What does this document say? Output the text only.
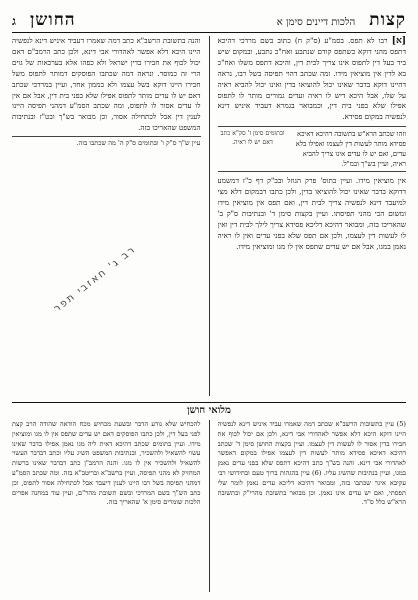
קצות
הלכות דיינים סימן א
החושן
ג
[א] רבו לא תפס. בסמ"ע (ס"ק ח) כתוב בשם מרדכי דהיכא דתפס מהני דוקא כשתפס קודם שנתבע ואח"כ נתבע, ובמקום שיש ביד בעל דין לתפוס אינו צריך לבית דין, והיכא דתפס משלו ואח"כ בא לדין אין מוציאין מידו. ומה שכתב דהוי תפיסה בשל רבו, נראה דהיינו דוקא בדבר שאינו יכול להוציאו בדין ואינו יכול להביא ראיה על שלו, אבל היכא דיש לו ראיה ועדים גמורים מותר לו לתפוס אפילו שלא בפני בית דין, וכמבואר בגמרא דעביד איניש דינא לנפשיה במקום פסידא.
וזהו שכתב הרא"ש בתשובה דהיכא דאיכא פסידא מותר לעשות דין לעצמו ואפילו בלא עדים, ואם יש לו עדים אינו צריך להביא ראיה, ועיין בש"ך ובמ"ל.
ובתומים סימן ז' סק"א כתב דאם יש לו ראיה.
אין מוציאין מידו. ועיין בתוס' פרק הגוזל ובב"ק דף כ"ז דמשמע דדוקא בדבר שאינו יכול להוציאו בדין, ולכן כתבו דבמקום דלא מצי למיעבד דינא לנפשיה צריך לבית דין, ואם תפס אין מוציאין מידו ומשום הכי מהני תפיסתו. ועיין בקצות סימן ד' ובנתיבות ס"ק ב' שהאריכו בזה, ומבואר דהיכא דליכא פסידא צריך לילך לבית דין ואין לו לעשות דין לעצמו, ולכן אם תפס שלא בפני עדים ואין לו ראיה נאמן במגו, אבל אם יש עדים שתפס אין לו מגו ומוציאין מידו.
והנה בתשובת הרשב"א כתב דמה שאמרו דעביד איניש דינא לנפשיה היינו היכא דלא אפשר לאהדורי אבי דינא, ולכן כתב הרמב"ם דאם יכול לכוף את חבירו בדין ישראל ולא כפהו אלא בערכאות של גוים הרי זה כמוסר. ונראה דמה שכתבו הפוסקים דמותר לתפוס משל חבירו היינו דוקא בשל עצמו ולא בממון אחר, ועיין במרדכי שכתב דאם יש לו עדים מותר לתפוס אפילו שלא בפני בית דין, אבל אם אין לו עדים אסור לו לתפוס, ומה שכתב הסמ"ע דמהני תפיסה היינו לענין דין אבל לכתחילה אסור, וכן מבואר בש"ך ובט"ז ובנתיבות המשפט שהאריכו בזה.
עיין ש"ך ס"ק ו' ובתומים ס"ק ה' מה שכתבו בזה.
רב ג' חאזבי תפר
מלואי חושן
(5) עיין בתשובות הרשב"א שכתב דמה שאמרו עביד איניש דינא לנפשיה היינו דוקא היכא דלא אפשר לאהדורי אבי דינא, ולכן אם יכול לכוף את חבירו בדין אסור לו לעשות דין לעצמו. ועיין בקצות החושן סימן ד' שכתב דהיכא דאיכא פסידא מותר לעשות דין לעצמו אפילו במקום דאפשר לאהדורי אבי דינא. והנה בש"ך כתב דהיכא דתפס שלא בפני עדים נאמן במגו, ועיין בנתיבות שהשיג עליו. (6) עיין בהגהות ברוך טעם ובחידושי רבי עקיבא איגר שכתבו בזה, ומבואר דהיכא דליכא עדים נאמן לומר שלי תפסתי, ואם יש עדים אינו נאמן. וכן מבואר בתשובת מהרי"ק ובתשובת הרא"ש כלל ס"ד.
להכחיש שלא נודע הדבר ובשעת מכחיש מכח הודאה שהודה הרב קצת לפני בעל דין, ולכן כתבו הפוסקים דאם יש עדים שתפס אין לו מגו ומוציאין מידו. ועיין בתומים שכתב דהיכא דאית ליה מגו נאמן אפילו בדבר שאינו עשוי להשאיל ולהשכיר, ובנתיבות המשפט השיג עליו וכתב דבדבר העשוי להשאיל ולהשכיר אין לו מגו. והנה הרמב"ן כתב דבדבר שאינו ברשות המחזיק לא מהני תפיסה, ועיין ברשב"א ובריטב"א בזה. ומה שכתב הסמ"ע דמהני תפיסה בשל רבו היינו לענין דיעבד אבל לכתחילה אסור לתפוס, וכן כתב הש"ך בשם המרדכי ובשם תשובת מהר"ם, ועיין עוד במחנה אפרים הלכות שומרים סימן א' שהאריך בזה.
